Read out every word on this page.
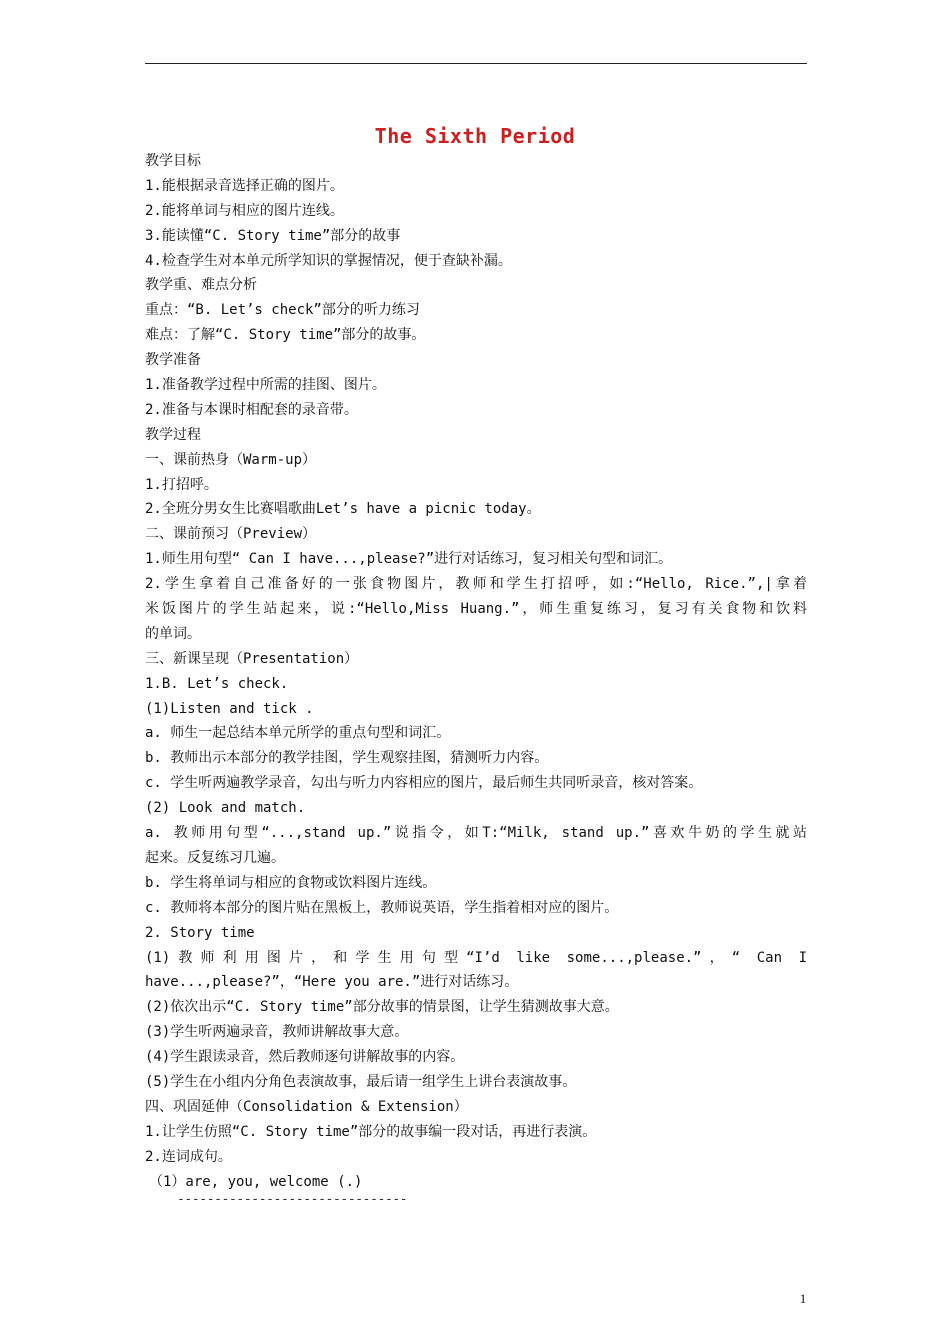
The Sixth Period
教学目标
1.能根据录音选择正确的图片。
2.能将单词与相应的图片连线。
3.能读懂“C. Story time”部分的故事
4.检查学生对本单元所学知识的掌握情况，便于查缺补漏。
教学重、难点分析
重点：“B. Let’s check”部分的听力练习
难点：了解“C. Story time”部分的故事。
教学准备
1.准备教学过程中所需的挂图、图片。
2.准备与本课时相配套的录音带。
教学过程
一、课前热身（Warm-up）
1.打招呼。
2.全班分男女生比赛唱歌曲Let’s have a picnic today。
二、课前预习（Preview）
1.师生用句型“ Can I have...,please?”进行对话练习，复习相关句型和词汇。
2.学生拿着自己准备好的一张食物图片，教师和学生打招呼，如:“Hello, Rice.”,|拿着
米饭图片的学生站起来，说:“Hello,Miss Huang.”，师生重复练习，复习有关食物和饮料
的单词。
三、新课呈现（Presentation）
1.B. Let’s check.
(1)Listen and tick .
a. 师生一起总结本单元所学的重点句型和词汇。
b. 教师出示本部分的教学挂图，学生观察挂图，猜测听力内容。
c. 学生听两遍教学录音，勾出与听力内容相应的图片，最后师生共同听录音，核对答案。
(2) Look and match.
a. 教师用句型“...,stand up.”说指令，如T:“Milk, stand up.”喜欢牛奶的学生就站
起来。反复练习几遍。
b. 学生将单词与相应的食物或饮料图片连线。
c. 教师将本部分的图片贴在黑板上，教师说英语，学生指着相对应的图片。
2. Story time
(1)教师利用图片，和学生用句型“I’d like some...,please.”，“ Can I
have...,please?”，“Here you are.”进行对话练习。
(2)依次出示“C. Story time”部分故事的情景图，让学生猜测故事大意。
(3)学生听两遍录音，教师讲解故事大意。
(4)学生跟读录音，然后教师逐句讲解故事的内容。
(5)学生在小组内分角色表演故事，最后请一组学生上讲台表演故事。
四、巩固延伸（Consolidation & Extension）
1.让学生仿照“C. Story time”部分的故事编一段对话，再进行表演。
2.连词成句。
（1）are, you, welcome (.)
-------------------------------
1
